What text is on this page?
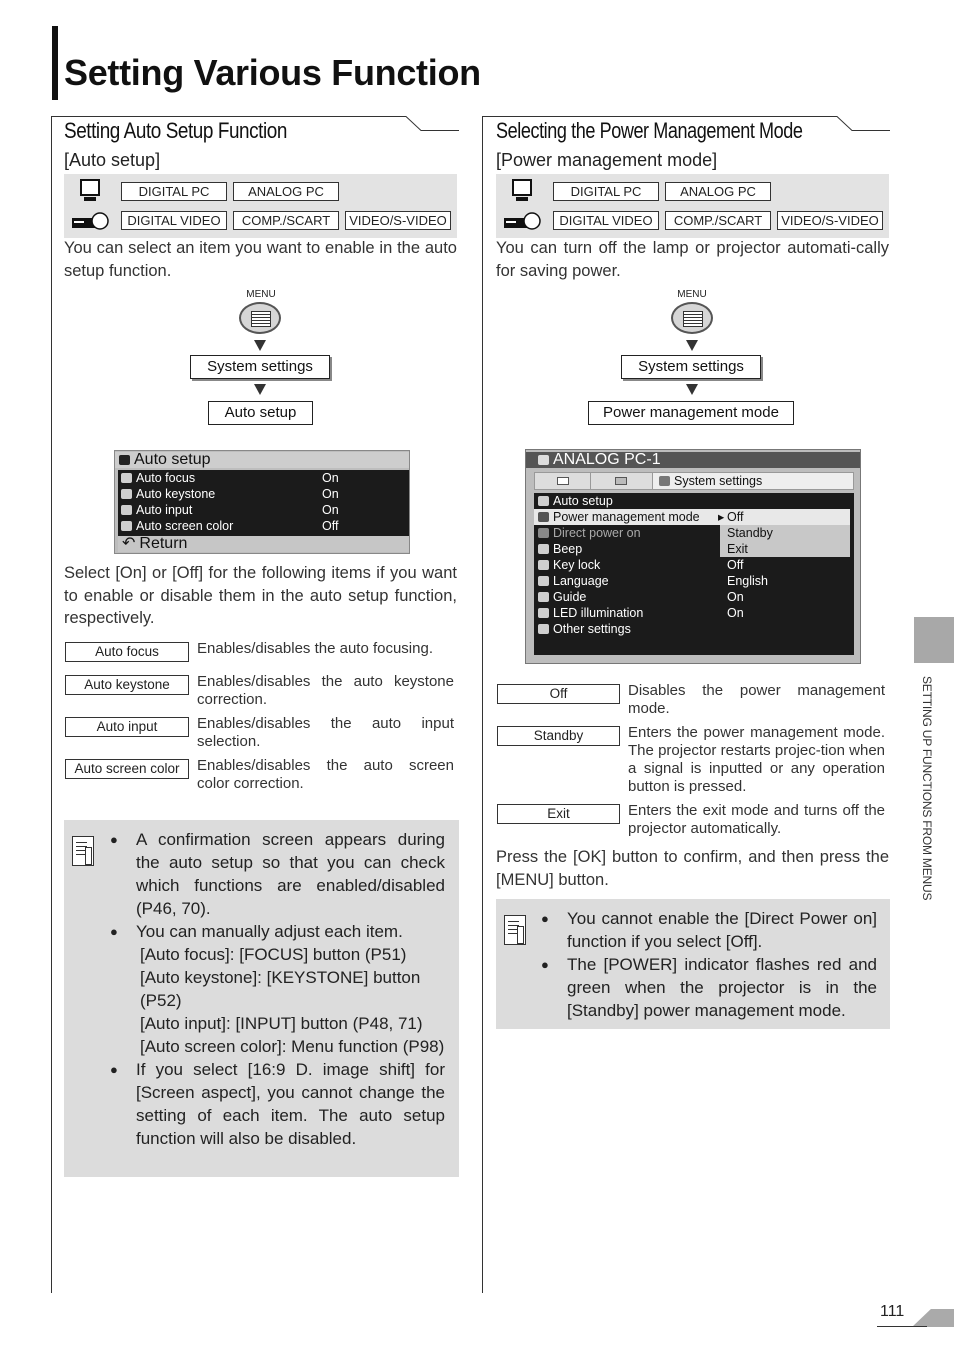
Setting Various Function
Setting Auto Setup Function
[Auto setup]
DIGITAL PC	ANALOG PC
DIGITAL VIDEO	COMP./SCART	VIDEO/S-VIDEO

You can select an item you want to enable in the auto setup function.

MENU
System settings
Auto setup
Auto setup
Auto focus	On
Auto keystone	On
Auto input	On
Auto screen color	Off
↶ Return

Select [On] or [Off] for the following items if you want to enable or disable them in the auto setup function, respectively.

Auto focus	Enables/disables the auto focusing.
Auto keystone	Enables/disables the auto keystone correction.
Auto input	Enables/disables the auto input selection.
Auto screen color	Enables/disables the auto screen color correction.
● A confirmation screen appears during the auto setup so that you can check which functions are enabled/disabled (P46, 70).
● You can manually adjust each item.
[Auto focus]: [FOCUS] button (P51)
[Auto keystone]: [KEYSTONE] button (P52)
[Auto input]: [INPUT] button (P48, 71)
[Auto screen color]: Menu function (P98)
● If you select [16:9 D. image shift] for [Screen aspect], you cannot change the setting of each item. The auto setup function will also be disabled.
Selecting the Power Management Mode
[Power management mode]
DIGITAL PC	ANALOG PC
DIGITAL VIDEO	COMP./SCART	VIDEO/S-VIDEO

You can turn off the lamp or projector automati-cally for saving power.

MENU
System settings
Power management mode
ANALOG PC-1
System settings
Auto setup
Power management mode ▸ Off
Direct power on
Beep
Standby
Exit
Key lock	Off
Language	English
Guide	On
LED illumination	On
Other settings
Off	Disables the power management mode.
Standby	Enters the power management mode. The projector restarts projec-tion when a signal is inputted or any operation button is pressed.
Exit	Enters the exit mode and turns off the projector automatically.

Press the [OK] button to confirm, and then press the [MENU] button.

● You cannot enable the [Direct Power on] function if you select [Off].
● The [POWER] indicator flashes red and green when the projector is in the [Standby] power management mode.
SETTING UP FUNCTIONS FROM MENUS
111
